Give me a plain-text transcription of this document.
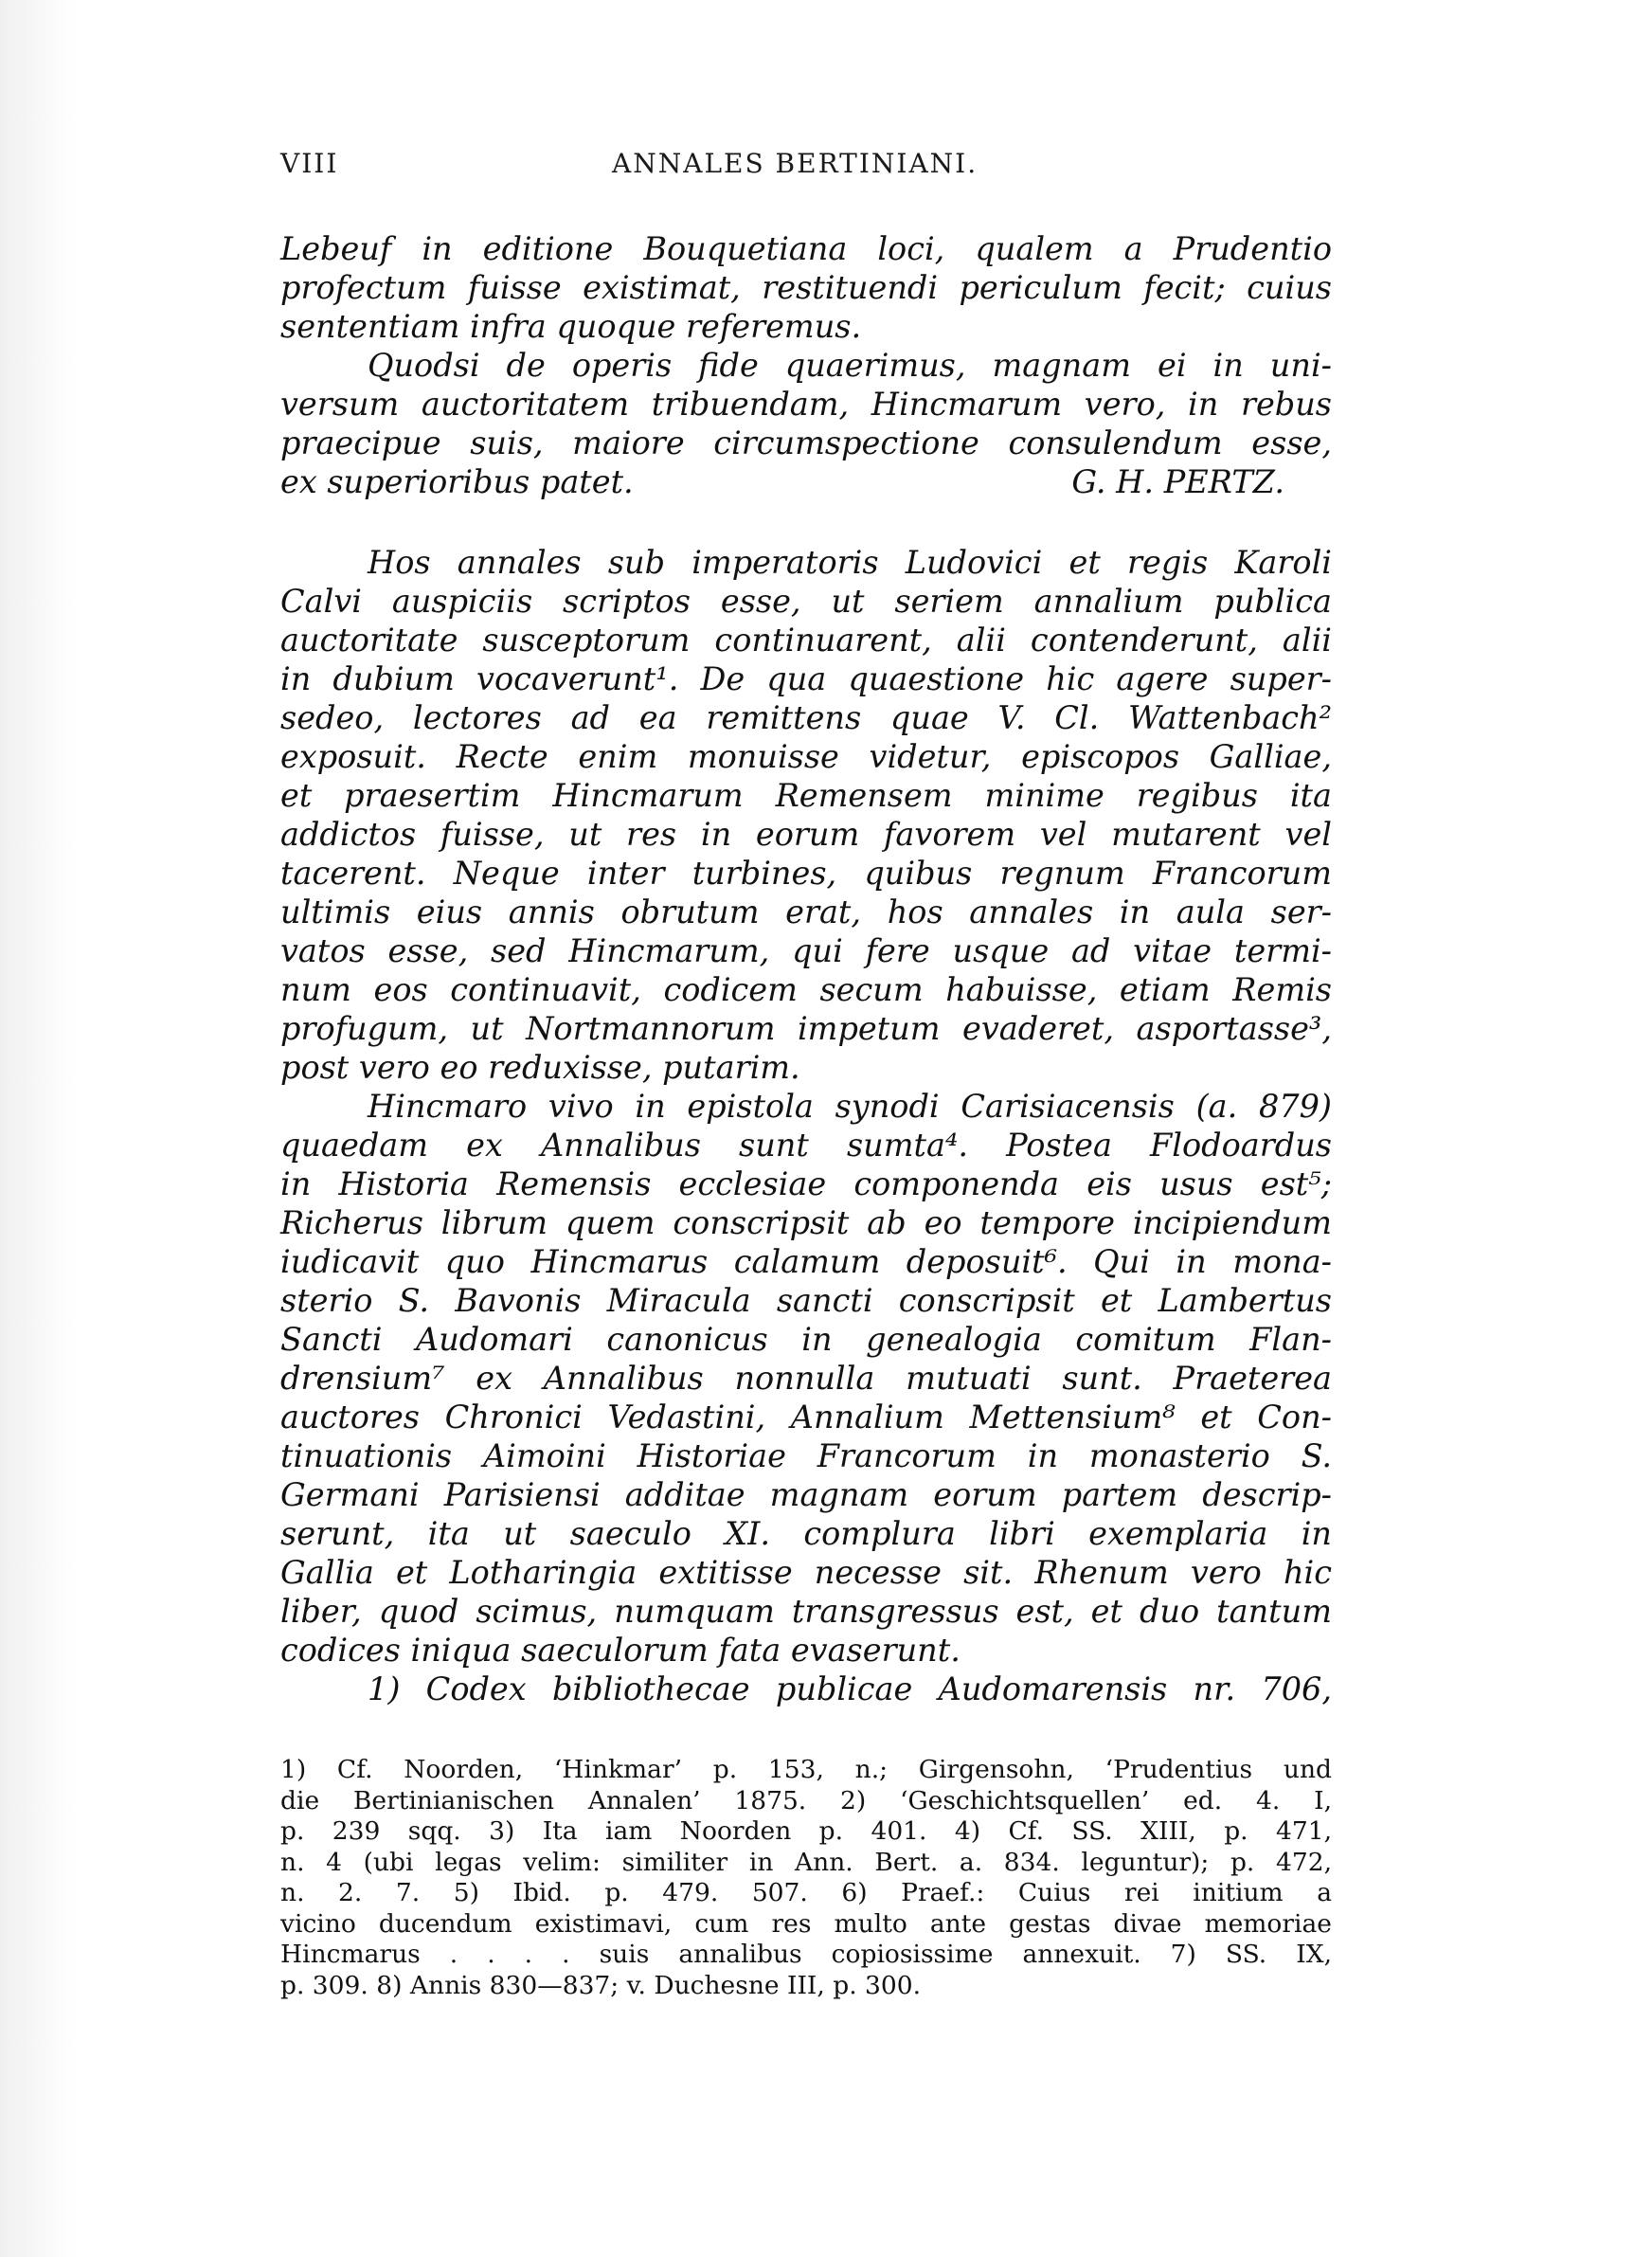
VIII	ANNALES BERTINIANI.
Lebeuf in editione Bouquetiana loci, qualem a Prudentio
profectum fuisse existimat, restituendi periculum fecit; cuius
sententiam infra quoque referemus.
Quodsi de operis fide quaerimus, magnam ei in uni-
versum auctoritatem tribuendam, Hincmarum vero, in rebus
praecipue suis, maiore circumspectione consulendum esse,
ex superioribus patet.	G. H. PERTZ.
Hos annales sub imperatoris Ludovici et regis Karoli
Calvi auspiciis scriptos esse, ut seriem annalium publica
auctoritate susceptorum continuarent, alii contenderunt, alii
in dubium vocaverunt¹. De qua quaestione hic agere super-
sedeo, lectores ad ea remittens quae V. Cl. Wattenbach²
exposuit. Recte enim monuisse videtur, episcopos Galliae,
et praesertim Hincmarum Remensem minime regibus ita
addictos fuisse, ut res in eorum favorem vel mutarent vel
tacerent. Neque inter turbines, quibus regnum Francorum
ultimis eius annis obrutum erat, hos annales in aula ser-
vatos esse, sed Hincmarum, qui fere usque ad vitae termi-
num eos continuavit, codicem secum habuisse, etiam Remis
profugum, ut Nortmannorum impetum evaderet, asportasse³,
post vero eo reduxisse, putarim.
Hincmaro vivo in epistola synodi Carisiacensis (a. 879)
quaedam ex Annalibus sunt sumta⁴. Postea Flodoardus
in Historia Remensis ecclesiae componenda eis usus est⁵;
Richerus librum quem conscripsit ab eo tempore incipiendum
iudicavit quo Hincmarus calamum deposuit⁶. Qui in mona-
sterio S. Bavonis Miracula sancti conscripsit et Lambertus
Sancti Audomari canonicus in genealogia comitum Flan-
drensium⁷ ex Annalibus nonnulla mutuati sunt. Praeterea
auctores Chronici Vedastini, Annalium Mettensium⁸ et Con-
tinuationis Aimoini Historiae Francorum in monasterio S.
Germani Parisiensi additae magnam eorum partem descrip-
serunt, ita ut saeculo XI. complura libri exemplaria in
Gallia et Lotharingia extitisse necesse sit. Rhenum vero hic
liber, quod scimus, numquam transgressus est, et duo tantum
codices iniqua saeculorum fata evaserunt.
1) Codex bibliothecae publicae Audomarensis nr. 706,
1) Cf. Noorden, ‘Hinkmar’ p. 153, n.; Girgensohn, ‘Prudentius und
die Bertinianischen Annalen’ 1875. 2) ‘Geschichtsquellen’ ed. 4. I,
p. 239 sqq. 3) Ita iam Noorden p. 401. 4) Cf. SS. XIII, p. 471,
n. 4 (ubi legas velim: similiter in Ann. Bert. a. 834. leguntur); p. 472,
n. 2. 7. 5) Ibid. p. 479. 507. 6) Praef.: Cuius rei initium a
vicino ducendum existimavi, cum res multo ante gestas divae memoriae
Hincmarus . . . . suis annalibus copiosissime annexuit. 7) SS. IX,
p. 309. 8) Annis 830—837; v. Duchesne III, p. 300.
